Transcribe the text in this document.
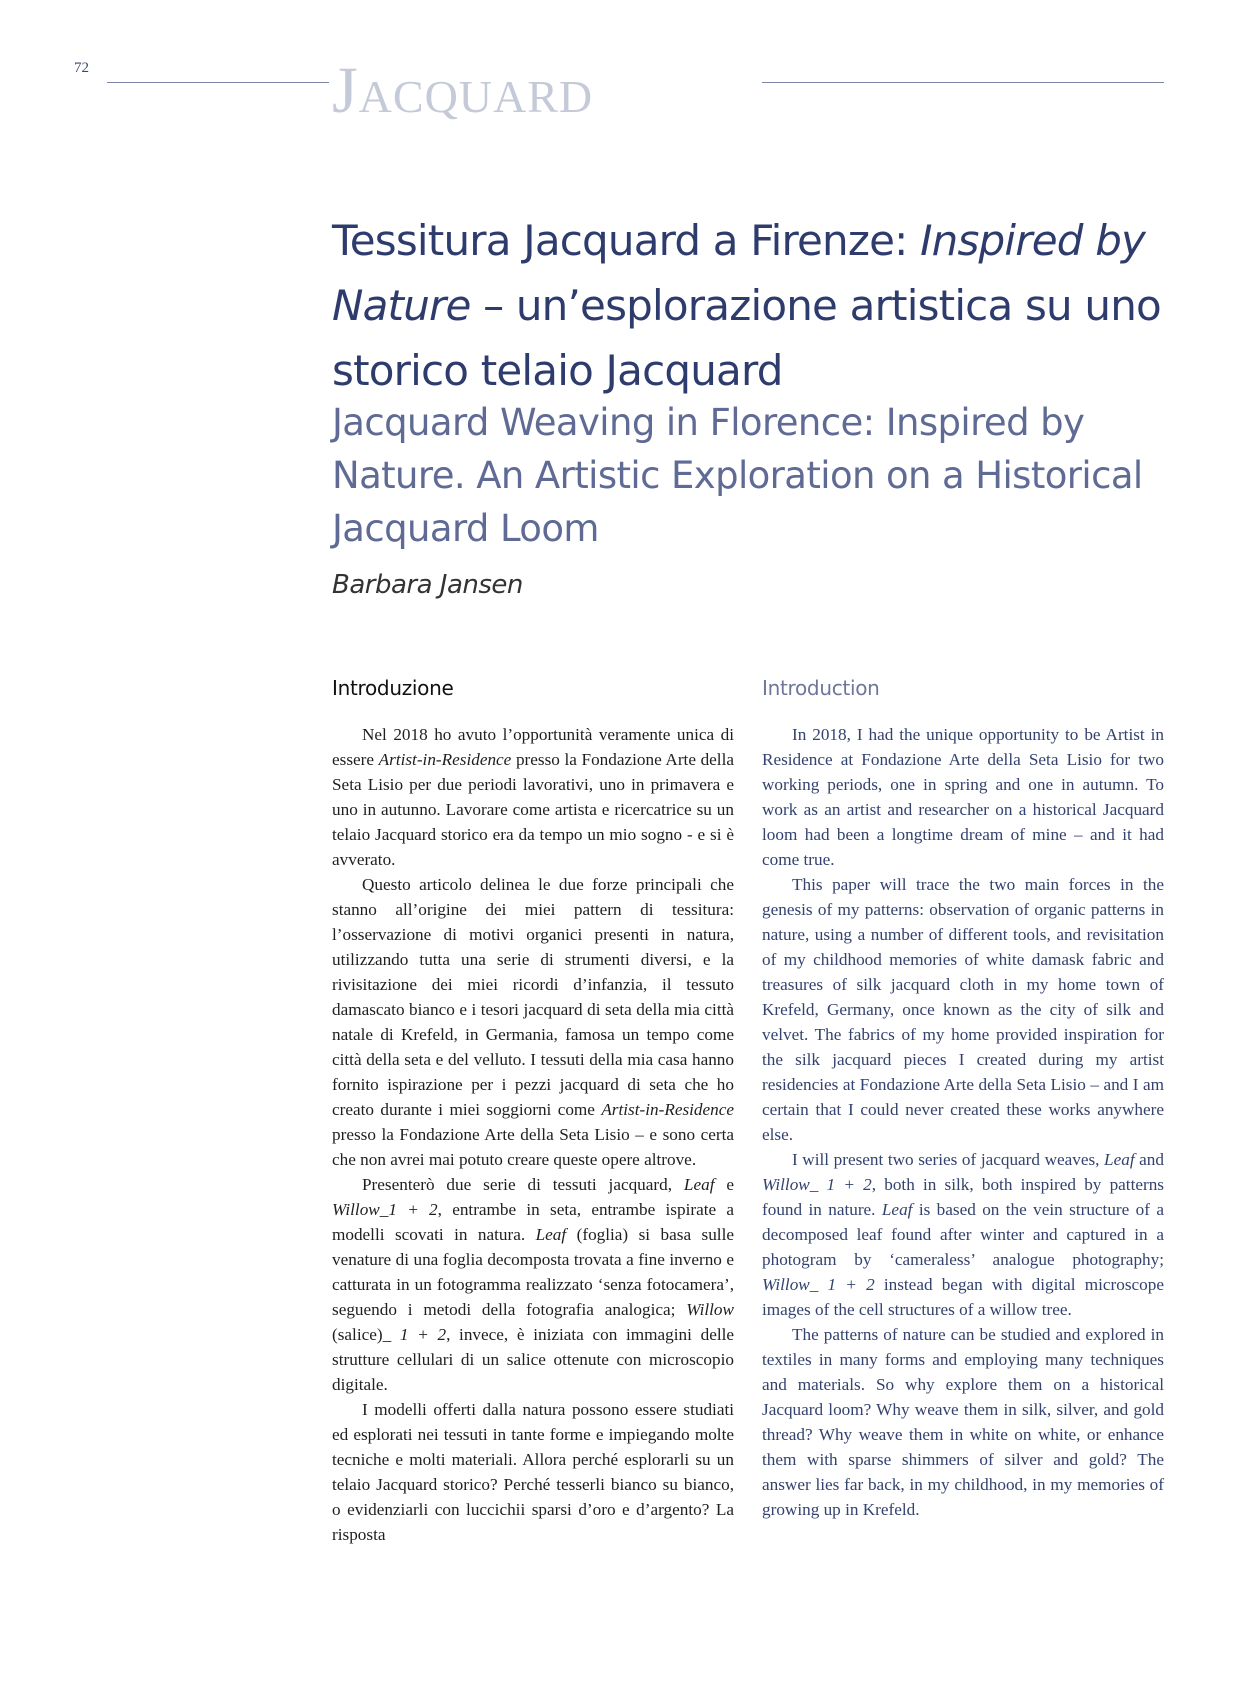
72	Jacquard
Tessitura Jacquard a Firenze: Inspired by Nature – un’esplorazione artistica su uno storico telaio Jacquard
Jacquard Weaving in Florence: Inspired by Nature. An Artistic Exploration on a Historical Jacquard Loom
Barbara Jansen
Introduzione

Nel 2018 ho avuto l’opportunità veramente unica di essere Artist-in-Residence presso la Fondazione Arte della Seta Lisio per due periodi lavorativi, uno in primavera e uno in autunno. Lavorare come artista e ricercatrice su un telaio Jacquard storico era da tempo un mio sogno - e si è avverato.

Questo articolo delinea le due forze principali che stanno all’origine dei miei pattern di tessitura: l’osservazione di motivi organici presenti in natura, utilizzando tutta una serie di strumenti diversi, e la rivisitazione dei miei ricordi d’infanzia, il tessuto damascato bianco e i tesori jacquard di seta della mia città natale di Krefeld, in Germania, famosa un tempo come città della seta e del velluto. I tessuti della mia casa hanno fornito ispirazione per i pezzi jacquard di seta che ho creato durante i miei soggiorni come Artist-in-Residence presso la Fondazione Arte della Seta Lisio – e sono certa che non avrei mai potuto creare queste opere altrove.

Presenterò due serie di tessuti jacquard, Leaf e Willow_1 + 2, entrambe in seta, entrambe ispirate a modelli scovati in natura. Leaf (foglia) si basa sulle venature di una foglia decomposta trovata a fine inverno e catturata in un fotogramma realizzato ‘senza fotocamera’, seguendo i metodi della fotografia analogica; Willow (salice)_ 1 + 2, invece, è iniziata con immagini delle strutture cellulari di un salice ottenute con microscopio digitale.

I modelli offerti dalla natura possono essere studiati ed esplorati nei tessuti in tante forme e impiegando molte tecniche e molti materiali. Allora perché esplorarli su un telaio Jacquard storico? Perché tesserli bianco su bianco, o evidenziarli con luccichii sparsi d’oro e d’argento? La risposta

Introduction

In 2018, I had the unique opportunity to be Artist in Residence at Fondazione Arte della Seta Lisio for two working periods, one in spring and one in autumn. To work as an artist and researcher on a historical Jacquard loom had been a longtime dream of mine – and it had come true.

This paper will trace the two main forces in the genesis of my patterns: observation of organic patterns in nature, using a number of different tools, and revisitation of my childhood memories of white damask fabric and treasures of silk jacquard cloth in my home town of Krefeld, Germany, once known as the city of silk and velvet. The fabrics of my home provided inspiration for the silk jacquard pieces I created during my artist residencies at Fondazione Arte della Seta Lisio – and I am certain that I could never created these works anywhere else.

I will present two series of jacquard weaves, Leaf and Willow_ 1 + 2, both in silk, both inspired by patterns found in nature. Leaf is based on the vein structure of a decomposed leaf found after winter and captured in a photogram by ‘cameraless’ analogue photography; Willow_ 1 + 2 instead began with digital microscope images of the cell structures of a willow tree.

The patterns of nature can be studied and explored in textiles in many forms and employing many techniques and materials. So why explore them on a historical Jacquard loom? Why weave them in silk, silver, and gold thread? Why weave them in white on white, or enhance them with sparse shimmers of silver and gold? The answer lies far back, in my childhood, in my memories of growing up in Krefeld.
